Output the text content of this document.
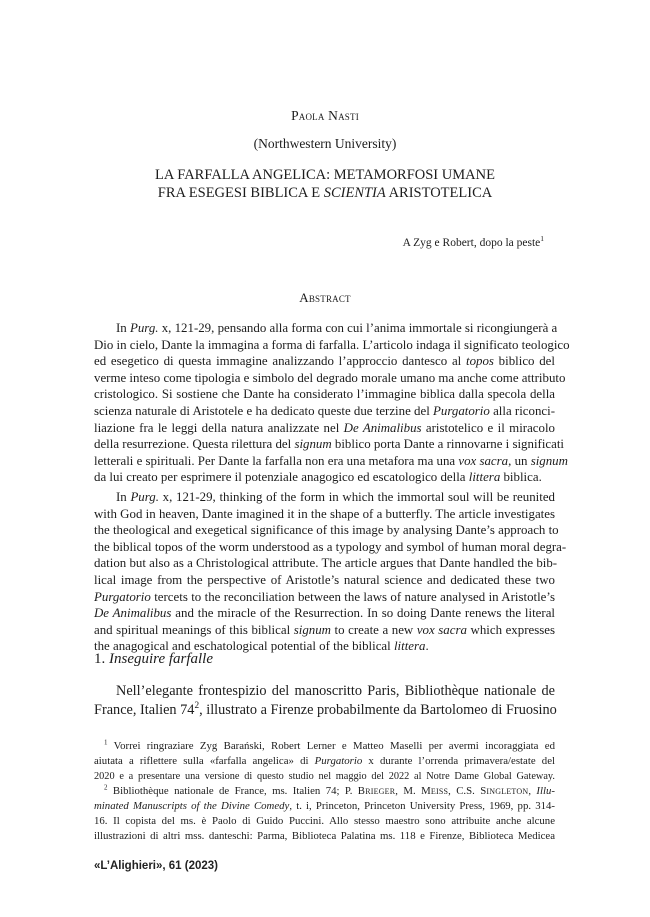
Paola Nasti
(Northwestern University)
LA FARFALLA ANGELICA: METAMORFOSI UMANE
FRA ESEGESI BIBLICA E SCIENTIA ARISTOTELICA
A Zyg e Robert, dopo la peste$^1$
Abstract
In Purg. x, 121-29, pensando alla forma con cui l’anima immortale si ricongiungerà a
Dio in cielo, Dante la immagina a forma di farfalla. L’articolo indaga il significato teologico
ed esegetico di questa immagine analizzando l’approccio dantesco al topos biblico del
verme inteso come tipologia e simbolo del degrado morale umano ma anche come attributo
cristologico. Si sostiene che Dante ha considerato l’immagine biblica dalla specola della
scienza naturale di Aristotele e ha dedicato queste due terzine del Purgatorio alla riconci-
liazione fra le leggi della natura analizzate nel De Animalibus aristotelico e il miracolo
della resurrezione. Questa rilettura del signum biblico porta Dante a rinnovarne i significati
letterali e spirituali. Per Dante la farfalla non era una metafora ma una vox sacra, un signum
da lui creato per esprimere il potenziale anagogico ed escatologico della littera biblica.
In Purg. x, 121-29, thinking of the form in which the immortal soul will be reunited
with God in heaven, Dante imagined it in the shape of a butterfly. The article investigates
the theological and exegetical significance of this image by analysing Dante’s approach to
the biblical topos of the worm understood as a typology and symbol of human moral degra-
dation but also as a Christological attribute. The article argues that Dante handled the bib-
lical image from the perspective of Aristotle’s natural science and dedicated these two
Purgatorio tercets to the reconciliation between the laws of nature analysed in Aristotle’s
De Animalibus and the miracle of the Resurrection. In so doing Dante renews the literal
and spiritual meanings of this biblical signum to create a new vox sacra which expresses
the anagogical and eschatological potential of the biblical littera.
1. Inseguire farfalle
Nell’elegante frontespizio del manoscritto Paris, Bibliothèque nationale de
France, Italien $74^2$, illustrato a Firenze probabilmente da Bartolomeo di Fruosino
$^1$ Vorrei ringraziare Zyg Barański, Robert Lerner e Matteo Maselli per avermi incoraggiata ed
aiutata a riflettere sulla «farfalla angelica» di Purgatorio x durante l’orrenda primavera/estate del
2020 e a presentare una versione di questo studio nel maggio del 2022 al Notre Dame Global Gateway.
$^2$ Bibliothèque nationale de France, ms. Italien 74; P. Brieger, M. Meiss, C.S. Singleton, Illu-
minated Manuscripts of the Divine Comedy, t. i, Princeton, Princeton University Press, 1969, pp. 314-
16. Il copista del ms. è Paolo di Guido Puccini. Allo stesso maestro sono attribuite anche alcune
illustrazioni di altri mss. danteschi: Parma, Biblioteca Palatina ms. 118 e Firenze, Biblioteca Medicea
«L’Alighieri», 61 (2023)
